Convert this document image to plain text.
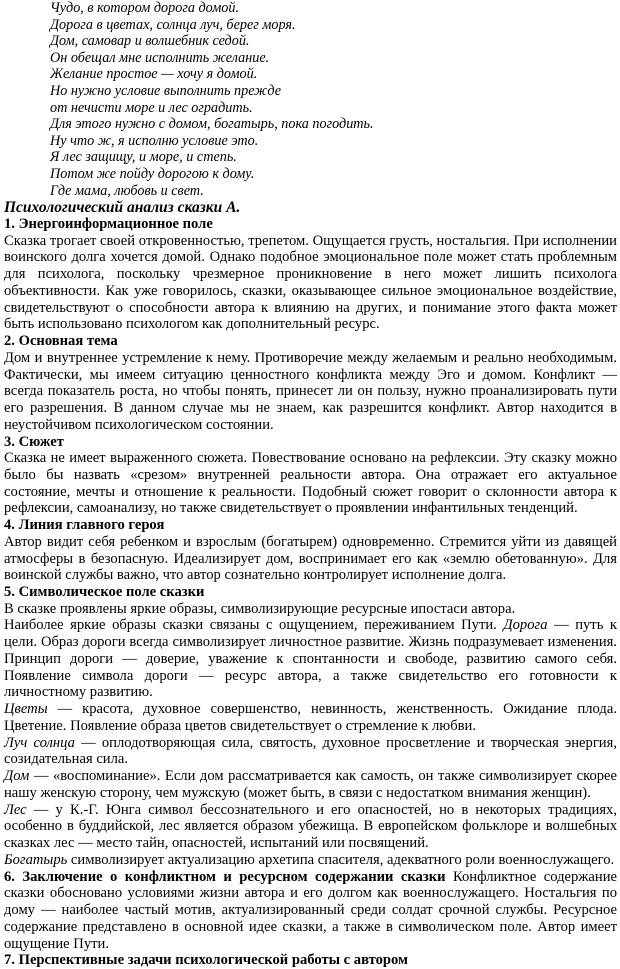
Чудо, в котором дорога домой.
Дорога в цветах, солнца луч, берег моря.
Дом, самовар и волшебник седой.
Он обещал мне исполнить желание.
Желание простое — хочу я домой.
Но нужно условие выполнить прежде
от нечисти море и лес оградить.
Для этого нужно с домом, богатырь, пока погодить.
Ну что ж, я исполню условие это.
Я лес защищу, и море, и степь.
Потом же пойду дорогою к дому.
Где мама, любовь и свет.
Психологический анализ сказки А.
1. Энергоинформационное поле

Сказка трогает своей откровенностью, трепетом. Ощущается грусть, ностальгия. При исполнении воинского долга хочется домой. Однако подобное эмоциональное поле может стать проблемным для психолога, поскольку чрезмерное проникновение в него может лишить психолога объективности. Как уже говорилось, сказки, оказывающее сильное эмоциональное воздействие, свидетельствуют о способности автора к влиянию на других, и понимание этого факта может быть использовано психологом как дополнительный ресурс.

2. Основная тема

Дом и внутреннее устремление к нему. Противоречие между желаемым и реально необходимым. Фактически, мы имеем ситуацию ценностного конфликта между Эго и домом. Конфликт — всегда показатель роста, но чтобы понять, принесет ли он пользу, нужно проанализировать пути его разрешения. В данном случае мы не знаем, как разрешится конфликт. Автор находится в неустойчивом психологическом состоянии.

3. Сюжет

Сказка не имеет выраженного сюжета. Повествование основано на рефлексии. Эту сказку можно было бы назвать «срезом» внутренней реальности автора. Она отражает его актуальное состояние, мечты и отношение к реальности. Подобный сюжет говорит о склонности автора к рефлексии, самоанализу, но также свидетельствует о проявлении инфантильных тенденций.

4. Линия главного героя

Автор видит себя ребенком и взрослым (богатырем) одновременно. Стремится уйти из давящей атмосферы в безопасную. Идеализирует дом, воспринимает его как «землю обетованную». Для воинской службы важно, что автор сознательно контролирует исполнение долга.

5. Символическое поле сказки

В сказке проявлены яркие образы, символизирующие ресурсные ипостаси автора.

Наиболее яркие образы сказки связаны с ощущением, переживанием Пути. Дорога — путь к цели. Образ дороги всегда символизирует личностное развитие. Жизнь подразумевает изменения. Принцип дороги — доверие, уважение к спонтанности и свободе, развитию самого себя. Появление символа дороги — ресурс автора, а также свидетельство его готовности к личностному развитию.

Цветы — красота, духовное совершенство, невинность, женственность. Ожидание плода. Цветение. Появление образа цветов свидетельствует о стремление к любви.

Луч солнца — оплодотворяющая сила, святость, духовное просветление и творческая энергия, созидательная сила.

Дом — «воспоминание». Если дом рассматривается как самость, он также символизирует скорее нашу женскую сторону, чем мужскую (может быть, в связи с недостатком внимания женщин).

Лес — у К.-Г. Юнга символ бессознательного и его опасностей, но в некоторых традициях, особенно в буддийской, лес является образом убежища. В европейском фольклоре и волшебных сказках лес — место тайн, опасностей, испытаний или посвящений.

Богатырь символизирует актуализацию архетипа спасителя, адекватного роли военнослужащего.

6. Заключение о конфликтном и ресурсном содержании сказки Конфликтное содержание сказки обосновано условиями жизни автора и его долгом как военнослужащего. Ностальгия по дому — наиболее частый мотив, актуализированный среди солдат срочной службы. Ресурсное содержание представлено в основной идее сказки, а также в символическом поле. Автор имеет ощущение Пути.

7. Перспективные задачи психологической работы с автором
